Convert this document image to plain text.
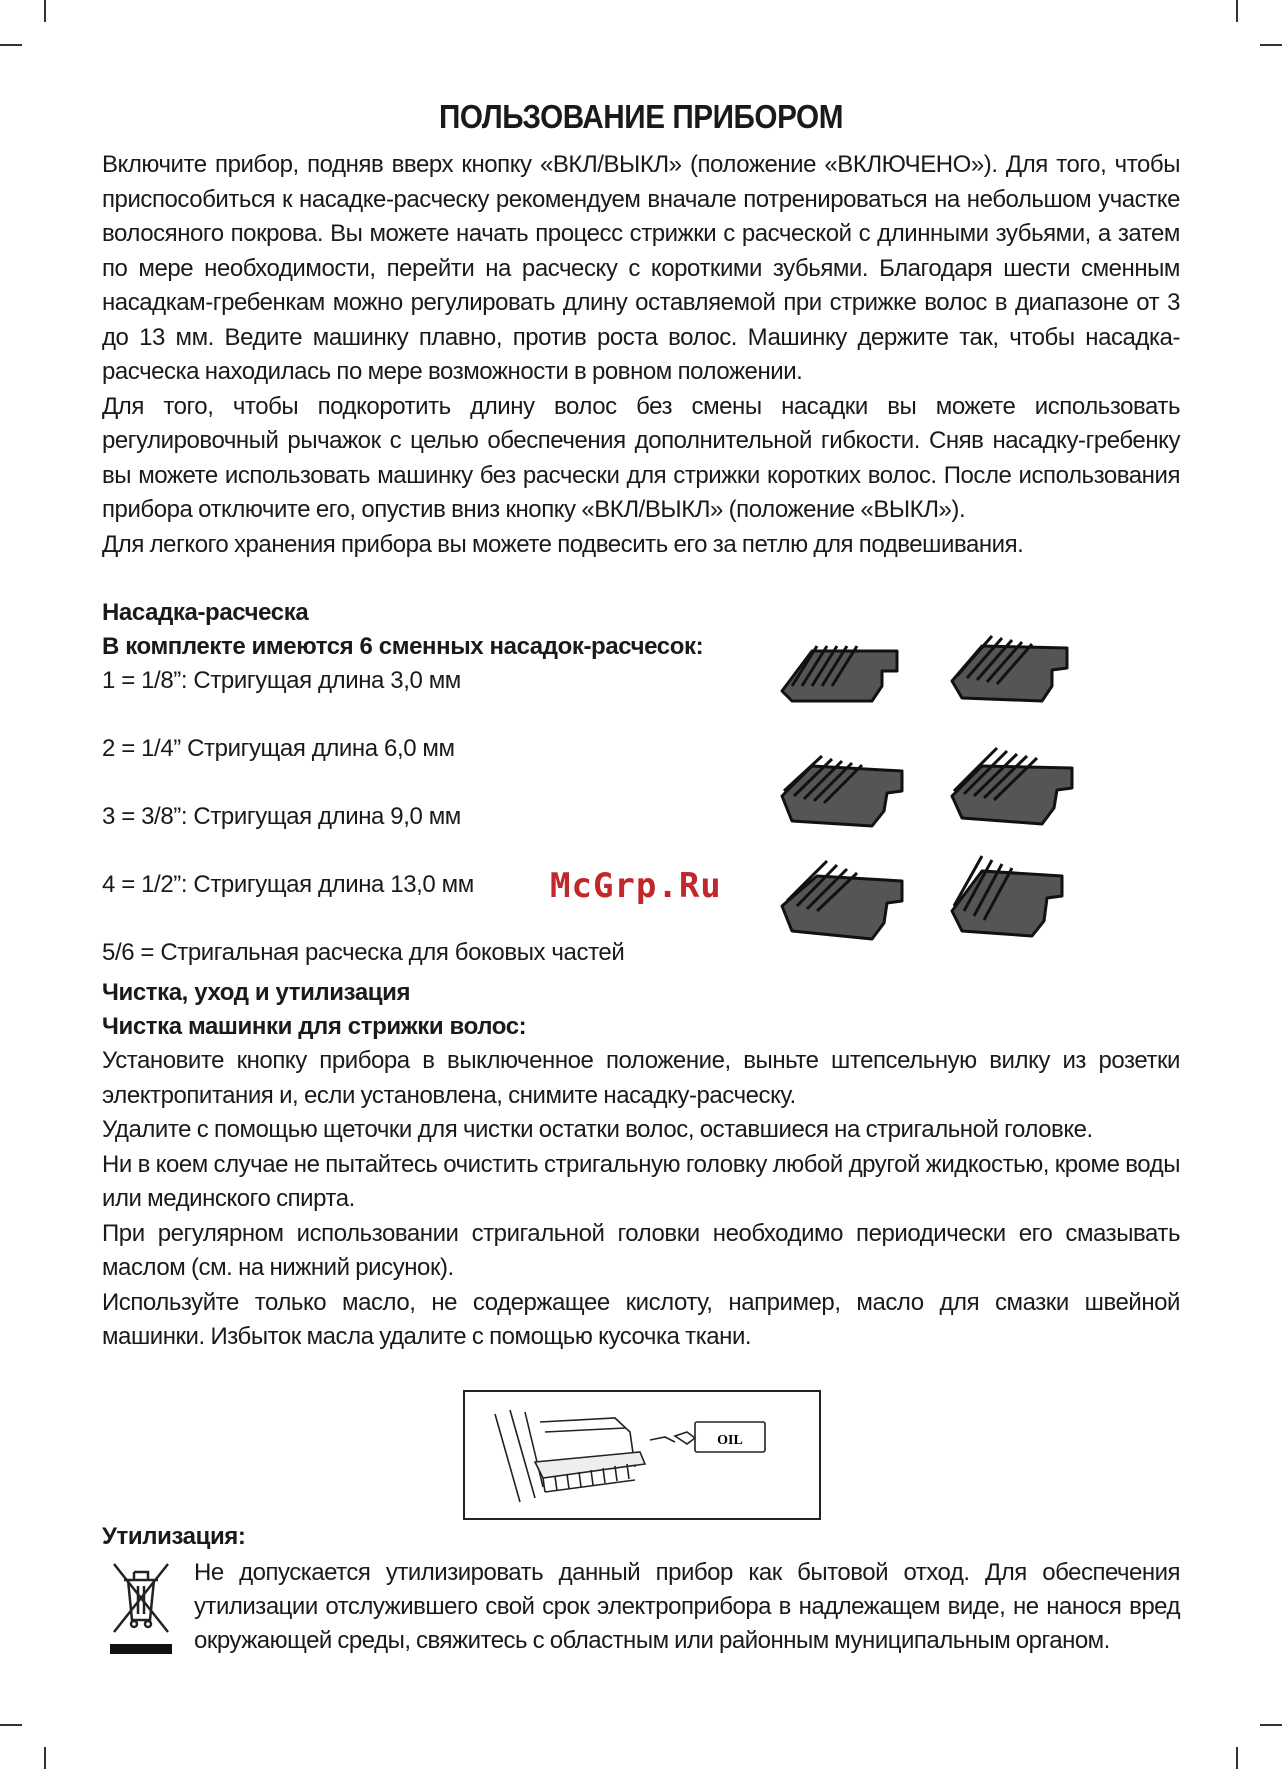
ПОЛЬЗОВАНИЕ ПРИБОРОМ

Включите прибор, подняв вверх кнопку «ВКЛ/ВЫКЛ» (положение «ВКЛЮЧЕНО»). Для того, чтобы приспособиться к насадке-расческу рекомендуем вначале потренироваться на небольшом участке волосяного покрова. Вы можете начать процесс стрижки с расческой с длинными зубьями, а затем по мере необходимости, перейти на расческу с короткими зубьями. Благодаря шести сменным насадкам-гребенкам можно регулировать длину оставляемой при стрижке волос в диапазоне от 3 до 13 мм. Ведите машинку плавно, против роста волос. Машинку держите так, чтобы насадка-расческа находилась по мере возможности в ровном положении.

Для того, чтобы подкоротить длину волос без смены насадки вы можете использовать регулировочный рычажок с целью обеспечения дополнительной гибкости. Сняв насадку-гребенку вы можете использовать машинку без расчески для стрижки коротких волос. После использования прибора отключите его, опустив вниз кнопку «ВКЛ/ВЫКЛ» (положение «ВЫКЛ»).

Для легкого хранения прибора вы можете подвесить его за петлю для подвешивания.

Насадка-расческа
В комплекте имеются 6 сменных насадок-расчесок:
1 = 1/8”: Стригущая длина 3,0 мм
2 = 1/4” Стригущая длина 6,0 мм
3 = 3/8”: Стригущая длина 9,0 мм
4 = 1/2”: Стригущая длина 13,0 мм
5/6 = Стригальная расческа для боковых частей
Чистка, уход и утилизация
Чистка машинки для стрижки волос:

Установите кнопку прибора в выключенное положение, выньте штепсельную вилку из розетки электропитания и, если установлена, снимите насадку-расческу.

Удалите с помощью щеточки для чистки остатки волос, оставшиеся на стригальной головке.

Ни в коем случае не пытайтесь очистить стригальную головку любой другой жидкостью, кроме воды или мединского спирта.

При регулярном использовании стригальной головки необходимо периодически его смазывать маслом (см. на нижний рисунок).

Используйте только масло, не содержащее кислоту, например, масло для смазки швейной машинки. Избыток масла удалите с помощью кусочка ткани.

McGrp.Ru
OIL
Утилизация:
Не допускается утилизировать данный прибор как бытовой отход. Для обеспечения утилизации отслужившего свой срок электроприбора в надлежащем виде, не нанося вред окружающей среды, свяжитесь с областным или районным муниципальным органом.
